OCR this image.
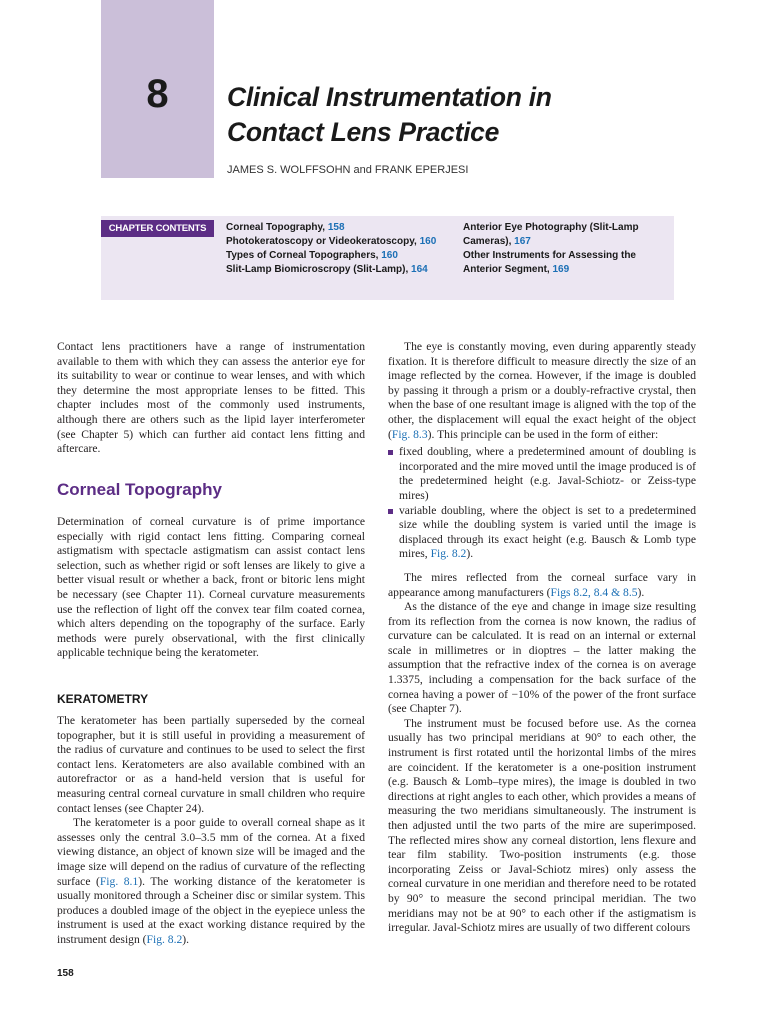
8	Clinical Instrumentation in
Contact Lens Practice
JAMES S. WOLFFSOHN and FRANK EPERJESI
CHAPTER CONTENTS	Corneal Topography, 158
Photokeratoscopy or Videokeratoscopy, 160
Types of Corneal Topographers, 160
Slit-Lamp Biomicroscropy (Slit-Lamp), 164
Anterior Eye Photography (Slit-Lamp Cameras), 167
Other Instruments for Assessing the Anterior Segment, 169

Contact lens practitioners have a range of instrumentation available to them with which they can assess the anterior eye for its suitability to wear or continue to wear lenses, and with which they determine the most appropriate lenses to be fitted. This chapter includes most of the commonly used instruments, although there are others such as the lipid layer interferometer (see Chapter 5) which can further aid contact lens fitting and aftercare.

Corneal Topography

Determination of corneal curvature is of prime importance especially with rigid contact lens fitting. Comparing corneal astigmatism with spectacle astigmatism can assist contact lens selection, such as whether rigid or soft lenses are likely to give a better visual result or whether a back, front or bitoric lens might be necessary (see Chapter 11). Corneal curvature measurements use the reflection of light off the convex tear film coated cornea, which alters depending on the topography of the surface. Early methods were purely observational, with the first clinically applicable technique being the keratometer.

KERATOMETRY

The keratometer has been partially superseded by the corneal topographer, but it is still useful in providing a measurement of the radius of curvature and continues to be used to select the first contact lens. Keratometers are also available combined with an autorefractor or as a hand-held version that is useful for measuring central corneal curvature in small children who require contact lenses (see Chapter 24).

The keratometer is a poor guide to overall corneal shape as it assesses only the central 3.0–3.5 mm of the cornea. At a fixed viewing distance, an object of known size will be imaged and the image size will depend on the radius of curvature of the reflecting surface (Fig. 8.1). The working distance of the keratometer is usually monitored through a Scheiner disc or similar system. This produces a doubled image of the object in the eyepiece unless the instrument is used at the exact working distance required by the instrument design (Fig. 8.2).

The eye is constantly moving, even during apparently steady fixation. It is therefore difficult to measure directly the size of an image reflected by the cornea. However, if the image is doubled by passing it through a prism or a doubly-refractive crystal, then when the base of one resultant image is aligned with the top of the other, the displacement will equal the exact height of the object (Fig. 8.3). This principle can be used in the form of either:

fixed doubling, where a predetermined amount of doubling is incorporated and the mire moved until the image produced is of the predetermined height (e.g. Javal-Schiotz- or Zeiss-type mires)
variable doubling, where the object is set to a predetermined size while the doubling system is varied until the image is displaced through its exact height (e.g. Bausch & Lomb type mires, Fig. 8.2).

The mires reflected from the corneal surface vary in appearance among manufacturers (Figs 8.2, 8.4 & 8.5).

As the distance of the eye and change in image size resulting from its reflection from the cornea is now known, the radius of curvature can be calculated. It is read on an internal or external scale in millimetres or in dioptres – the latter making the assumption that the refractive index of the cornea is on average 1.3375, including a compensation for the back surface of the cornea having a power of −10% of the power of the front surface (see Chapter 7).

The instrument must be focused before use. As the cornea usually has two principal meridians at 90° to each other, the instrument is first rotated until the horizontal limbs of the mires are coincident. If the keratometer is a one-position instrument (e.g. Bausch & Lomb–type mires), the image is doubled in two directions at right angles to each other, which provides a means of measuring the two meridians simultaneously. The instrument is then adjusted until the two parts of the mire are superimposed. The reflected mires show any corneal distortion, lens flexure and tear film stability. Two-position instruments (e.g. those incorporating Zeiss or Javal-Schiotz mires) only assess the corneal curvature in one meridian and therefore need to be rotated by 90° to measure the second principal meridian. The two meridians may not be at 90° to each other if the astigmatism is irregular. Javal-Schiotz mires are usually of two different colours

158
